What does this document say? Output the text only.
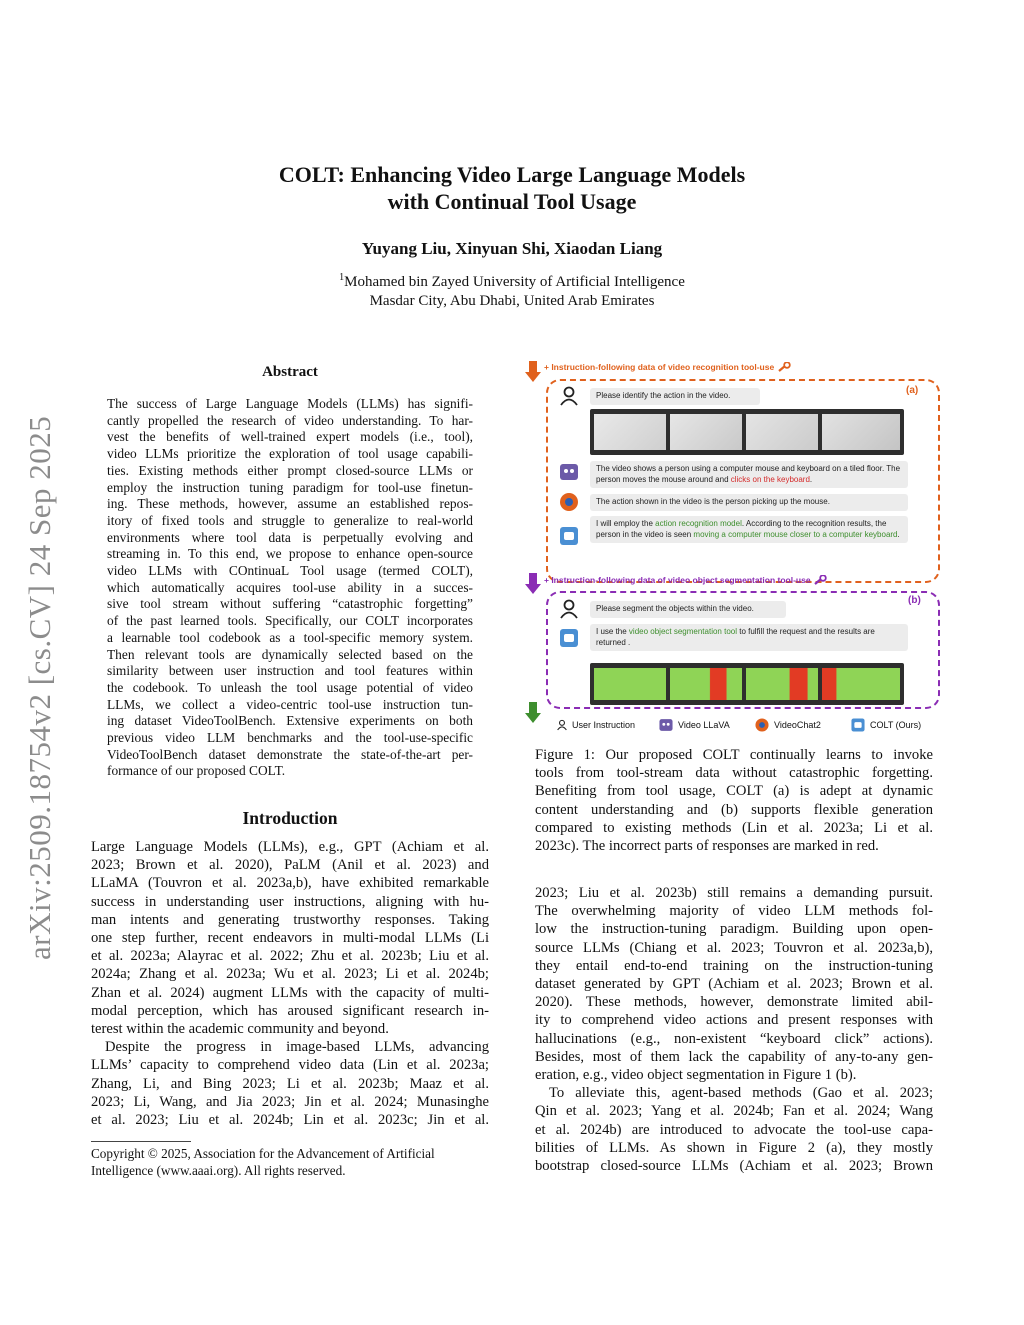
arXiv:2509.18754v2 [cs.CV] 24 Sep 2025
COLT: Enhancing Video Large Language Models
with Continual Tool Usage
Yuyang Liu, Xinyuan Shi, Xiaodan Liang
$^1$Mohamed bin Zayed University of Artificial Intelligence
Masdar City, Abu Dhabi, United Arab Emirates
Abstract
The success of Large Language Models (LLMs) has signifi-
cantly propelled the research of video understanding. To har-
vest the benefits of well-trained expert models (i.e., tool),
video LLMs prioritize the exploration of tool usage capabili-
ties. Existing methods either prompt closed-source LLMs or
employ the instruction tuning paradigm for tool-use finetun-
ing. These methods, however, assume an established repos-
itory of fixed tools and struggle to generalize to real-world
environments where tool data is perpetually evolving and
streaming in. To this end, we propose to enhance open-source
video LLMs with COntinuaL Tool usage (termed COLT),
which automatically acquires tool-use ability in a succes-
sive tool stream without suffering “catastrophic forgetting”
of the past learned tools. Specifically, our COLT incorporates
a learnable tool codebook as a tool-specific memory system.
Then relevant tools are dynamically selected based on the
similarity between user instruction and tool features within
the codebook. To unleash the tool usage potential of video
LLMs, we collect a video-centric tool-use instruction tun-
ing dataset VideoToolBench. Extensive experiments on both
previous video LLM benchmarks and the tool-use-specific
VideoToolBench dataset demonstrate the state-of-the-art per-
formance of our proposed COLT.
Introduction
Large Language Models (LLMs), e.g., GPT (Achiam et al.
2023; Brown et al. 2020), PaLM (Anil et al. 2023) and
LLaMA (Touvron et al. 2023a,b), have exhibited remarkable
success in understanding user instructions, aligning with hu-
man intents and generating trustworthy responses. Taking
one step further, recent endeavors in multi-modal LLMs (Li
et al. 2023a; Alayrac et al. 2022; Zhu et al. 2023b; Liu et al.
2024a; Zhang et al. 2023a; Wu et al. 2023; Li et al. 2024b;
Zhan et al. 2024) augment LLMs with the capacity of multi-
modal perception, which has aroused significant research in-
terest within the academic community and beyond.
Despite the progress in image-based LLMs, advancing
LLMs’ capacity to comprehend video data (Lin et al. 2023a;
Zhang, Li, and Bing 2023; Li et al. 2023b; Maaz et al.
2023; Li, Wang, and Jia 2023; Jin et al. 2024; Munasinghe
et al. 2023; Liu et al. 2024b; Lin et al. 2023c; Jin et al.
Copyright © 2025, Association for the Advancement of Artificial
Intelligence (www.aaai.org). All rights reserved.
+ Instruction-following data of video recognition tool-use
(a)
Please identify the action in the video.
The video shows a person using a computer mouse and keyboard on a tiled floor. The person moves the mouse around and clicks on the keyboard.
The action shown in the video is the person picking up the mouse.
I will employ the action recognition model. According to the recognition results, the person in the video is seen moving a computer mouse closer to a computer keyboard.
+ Instruction-following data of video object segmentation tool-use
(b)
Please segment the objects within the video.
I use the video object segmentation tool to fulfill the request and the results are returned .
User Instruction	Video LLaVA	VideoChat2	COLT (Ours)
Figure 1: Our proposed COLT continually learns to invoke
tools from tool-stream data without catastrophic forgetting.
Benefiting from tool usage, COLT (a) is adept at dynamic
content understanding and (b) supports flexible generation
compared to existing methods (Lin et al. 2023a; Li et al.
2023c). The incorrect parts of responses are marked in red.
2023; Liu et al. 2023b) still remains a demanding pursuit.
The overwhelming majority of video LLM methods fol-
low the instruction-tuning paradigm. Building upon open-
source LLMs (Chiang et al. 2023; Touvron et al. 2023a,b),
they entail end-to-end training on the instruction-tuning
dataset generated by GPT (Achiam et al. 2023; Brown et al.
2020). These methods, however, demonstrate limited abil-
ity to comprehend video actions and present responses with
hallucinations (e.g., non-existent “keyboard click” actions).
Besides, most of them lack the capability of any-to-any gen-
eration, e.g., video object segmentation in Figure 1 (b).
To alleviate this, agent-based methods (Gao et al. 2023;
Qin et al. 2023; Yang et al. 2024b; Fan et al. 2024; Wang
et al. 2024b) are introduced to advocate the tool-use capa-
bilities of LLMs. As shown in Figure 2 (a), they mostly
bootstrap closed-source LLMs (Achiam et al. 2023; Brown
